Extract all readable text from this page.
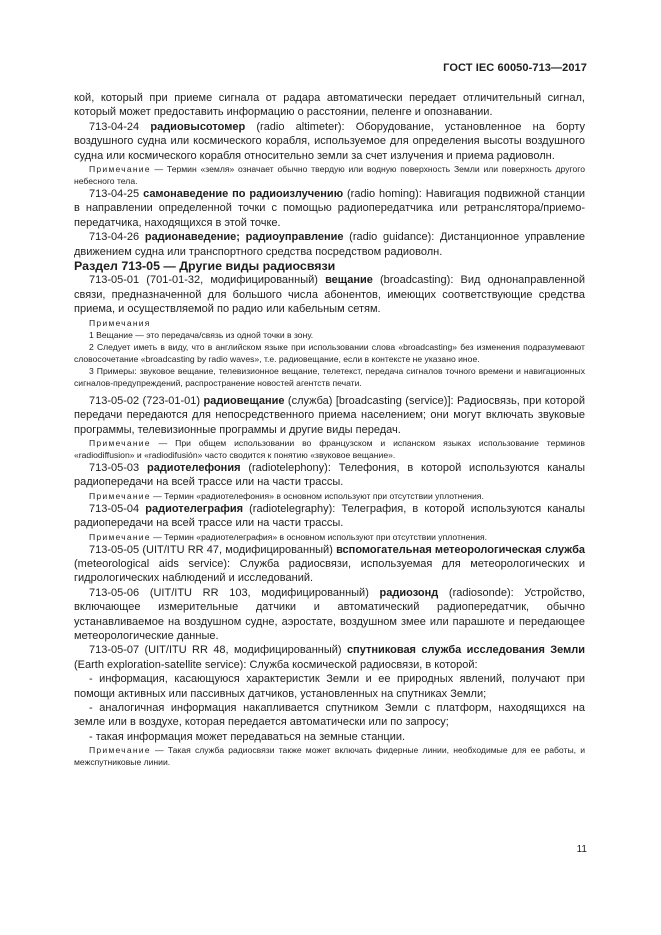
ГОСТ IEC 60050-713—2017

кой, который при приеме сигнала от радара автоматически передает отличительный сигнал, который может предоставить информацию о расстоянии, пеленге и опознавании.

713-04-24 радиовысотомер (radio altimeter): Оборудование, установленное на борту воздушного судна или космического корабля, используемое для определения высоты воздушного судна или космического корабля относительно земли за счет излучения и приема радиоволн.

Примечание — Термин «земля» означает обычно твердую или водную поверхность Земли или поверхность другого небесного тела.

713-04-25 самонаведение по радиоизлучению (radio homing): Навигация подвижной станции в направлении определенной точки с помощью радиопередатчика или ретранслятора/приемо-передатчика, находящихся в этой точке.

713-04-26 радионаведение; радиоуправление (radio guidance): Дистанционное управление движением судна или транспортного средства посредством радиоволн.

Раздел 713-05 — Другие виды радиосвязи

713-05-01 (701-01-32, модифицированный) вещание (broadcasting): Вид однонаправленной связи, предназначенной для большого числа абонентов, имеющих соответствующие средства приема, и осуществляемой по радио или кабельным сетям.

Примечания

1 Вещание — это передача/связь из одной точки в зону.

2 Следует иметь в виду, что в английском языке при использовании слова «broadcasting» без изменения подразумевают словосочетание «broadcasting by radio waves», т.е. радиовещание, если в контексте не указано иное.

3 Примеры: звуковое вещание, телевизионное вещание, телетекст, передача сигналов точного времени и навигационных сигналов-предупреждений, распространение новостей агентств печати.

713-05-02 (723-01-01) радиовещание (служба) [broadcasting (service)]: Радиосвязь, при которой передачи передаются для непосредственного приема населением; они могут включать звуковые программы, телевизионные программы и другие виды передач.

Примечание — При общем использовании во французском и испанском языках использование терминов «radiodiffusion» и «radiodifusión» часто сводится к понятию «звуковое вещание».

713-05-03 радиотелефония (radiotelephony): Телефония, в которой используются каналы радиопередачи на всей трассе или на части трассы.

Примечание — Термин «радиотелефония» в основном используют при отсутствии уплотнения.

713-05-04 радиотелеграфия (radiotelegraphy): Телеграфия, в которой используются каналы радиопередачи на всей трассе или на части трассы.

Примечание — Термин «радиотелеграфия» в основном используют при отсутствии уплотнения.

713-05-05 (UIT/ITU RR 47, модифицированный) вспомогательная метеорологическая служба (meteorological aids service): Служба радиосвязи, используемая для метеорологических и гидрологических наблюдений и исследований.

713-05-06 (UIT/ITU RR 103, модифицированный) радиозонд (radiosonde): Устройство, включающее измерительные датчики и автоматический радиопередатчик, обычно устанавливаемое на воздушном судне, аэростате, воздушном змее или парашюте и передающее метеорологические данные.

713-05-07 (UIT/ITU RR 48, модифицированный) спутниковая служба исследования Земли (Earth exploration-satellite service): Служба космической радиосвязи, в которой:

- информация, касающуюся характеристик Земли и ее природных явлений, получают при помощи активных или пассивных датчиков, установленных на спутниках Земли;

- аналогичная информация накапливается спутником Земли с платформ, находящихся на земле или в воздухе, которая передается автоматически или по запросу;

- такая информация может передаваться на земные станции.

Примечание — Такая служба радиосвязи также может включать фидерные линии, необходимые для ее работы, и межспутниковые линии.

11
